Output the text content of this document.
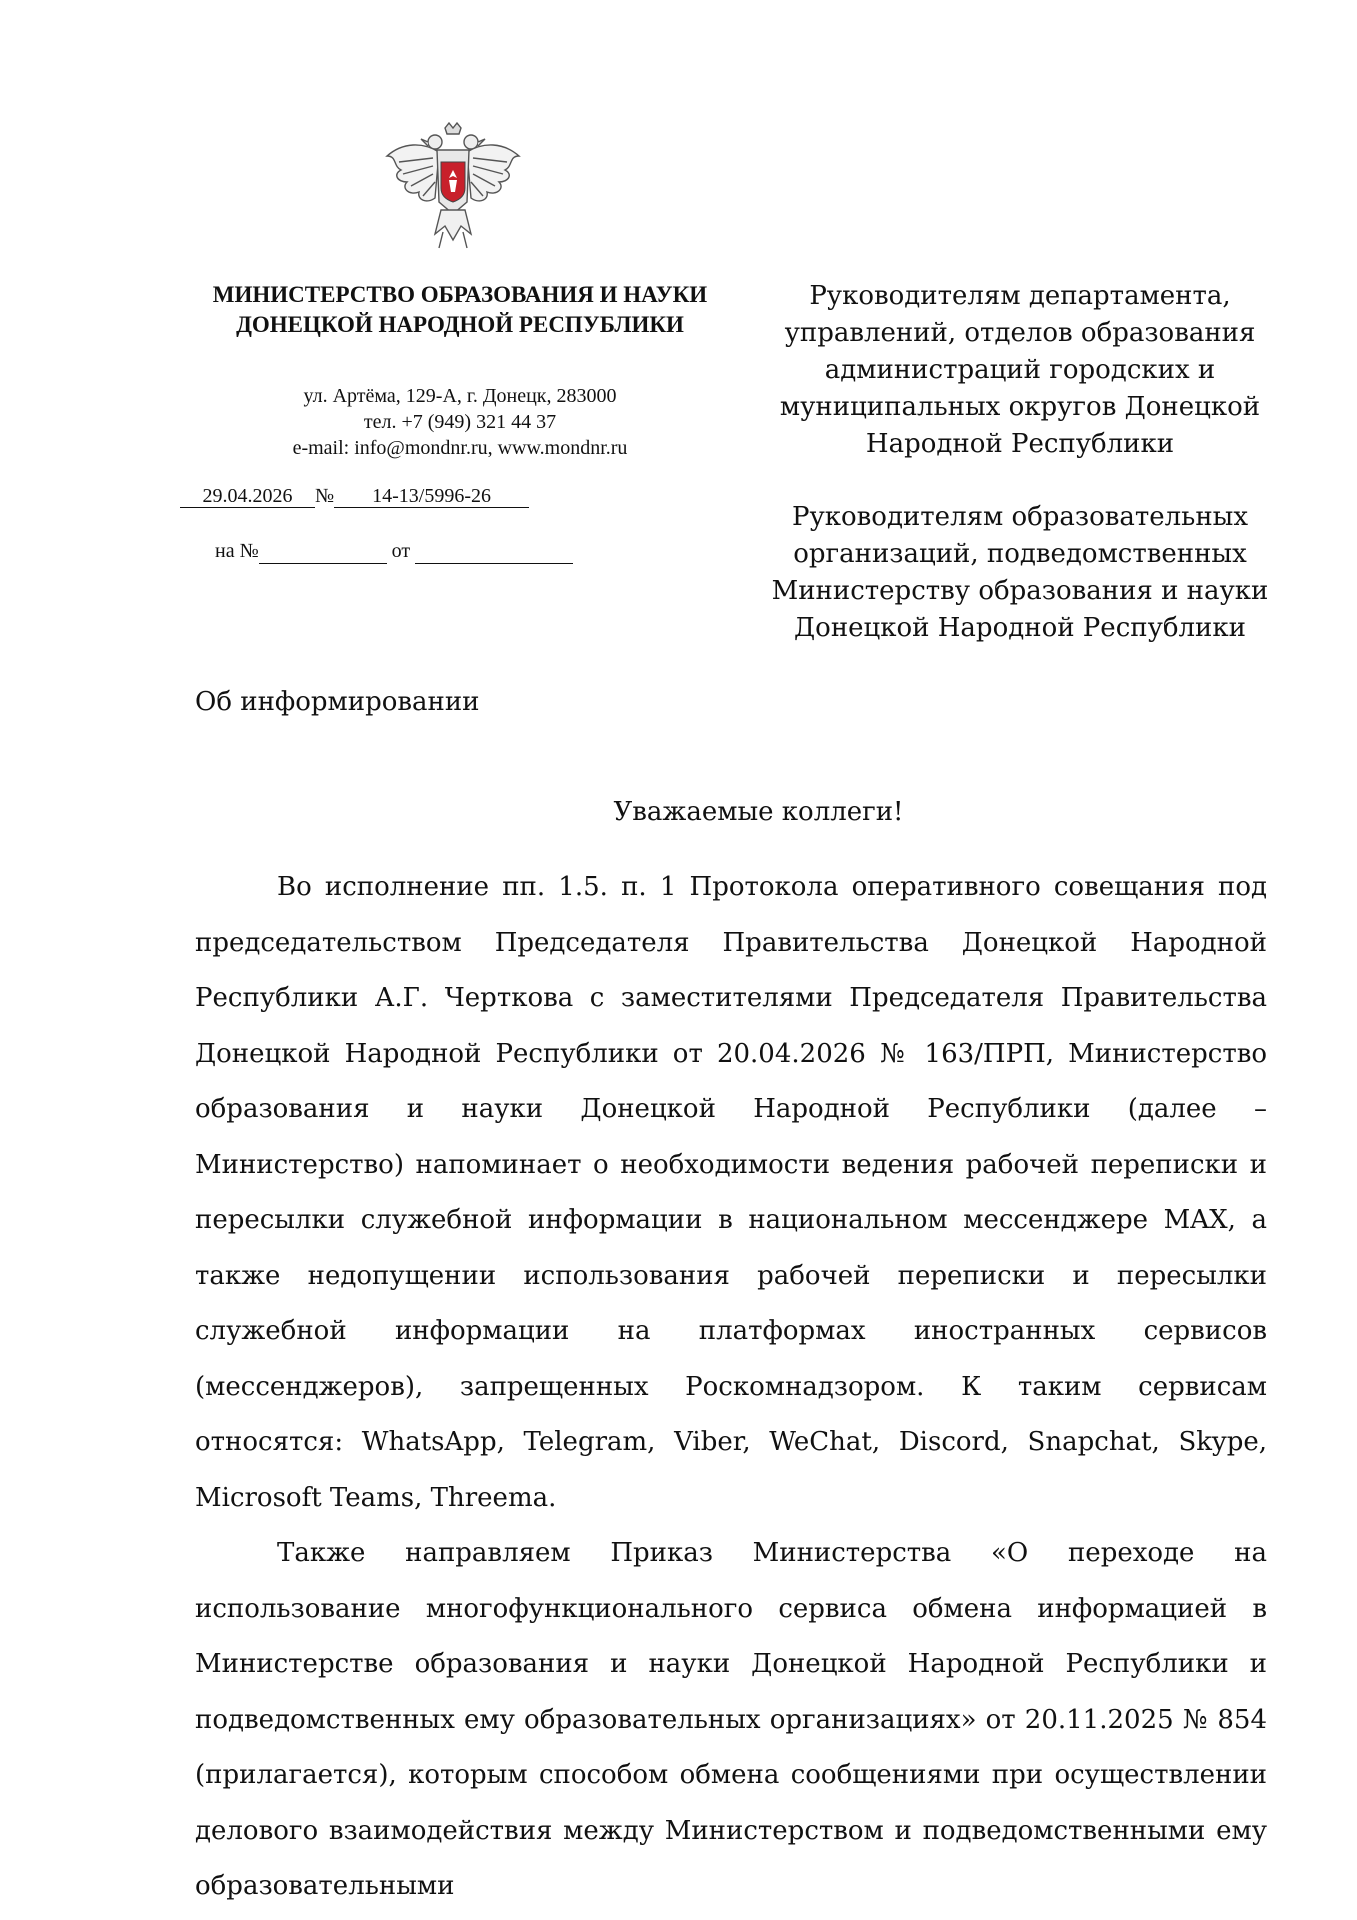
МИНИСТЕРСТВО ОБРАЗОВАНИЯ И НАУКИ
ДОНЕЦКОЙ НАРОДНОЙ РЕСПУБЛИКИ
ул. Артёма, 129-А, г. Донецк, 283000
тел. +7 (949) 321 44 37
e-mail: info@mondnr.ru, www.mondnr.ru
29.04.2026 № 14-13/5996-26
на №	от
Руководителям департамента,
управлений, отделов образования
администраций городских и
муниципальных округов Донецкой
Народной Республики
Руководителям образовательных
организаций, подведомственных
Министерству образования и науки
Донецкой Народной Республики
Об информировании
Уважаемые коллеги!

Во исполнение пп. 1.5. п. 1 Протокола оперативного совещания под председательством Председателя Правительства Донецкой Народной Республики А.Г. Черткова с заместителями Председателя Правительства Донецкой Народной Республики от 20.04.2026 № 163/ПРП, Министерство образования и науки Донецкой Народной Республики (далее – Министерство) напоминает о необходимости ведения рабочей переписки и пересылки служебной информации в национальном мессенджере MAX, а также недопущении использования рабочей переписки и пересылки служебной информации на платформах иностранных сервисов (мессенджеров), запрещенных Роскомнадзором. К таким сервисам относятся: WhatsApp, Telegram, Viber, WeChat, Discord, Snapchat, Skype, Microsoft Teams, Threema.

Также направляем Приказ Министерства «О переходе на использование многофункционального сервиса обмена информацией в Министерстве образования и науки Донецкой Народной Республики и подведомственных ему образовательных организациях» от 20.11.2025 № 854 (прилагается), которым способом обмена сообщениями при осуществлении делового взаимодействия между Министерством и подведомственными ему образовательными
